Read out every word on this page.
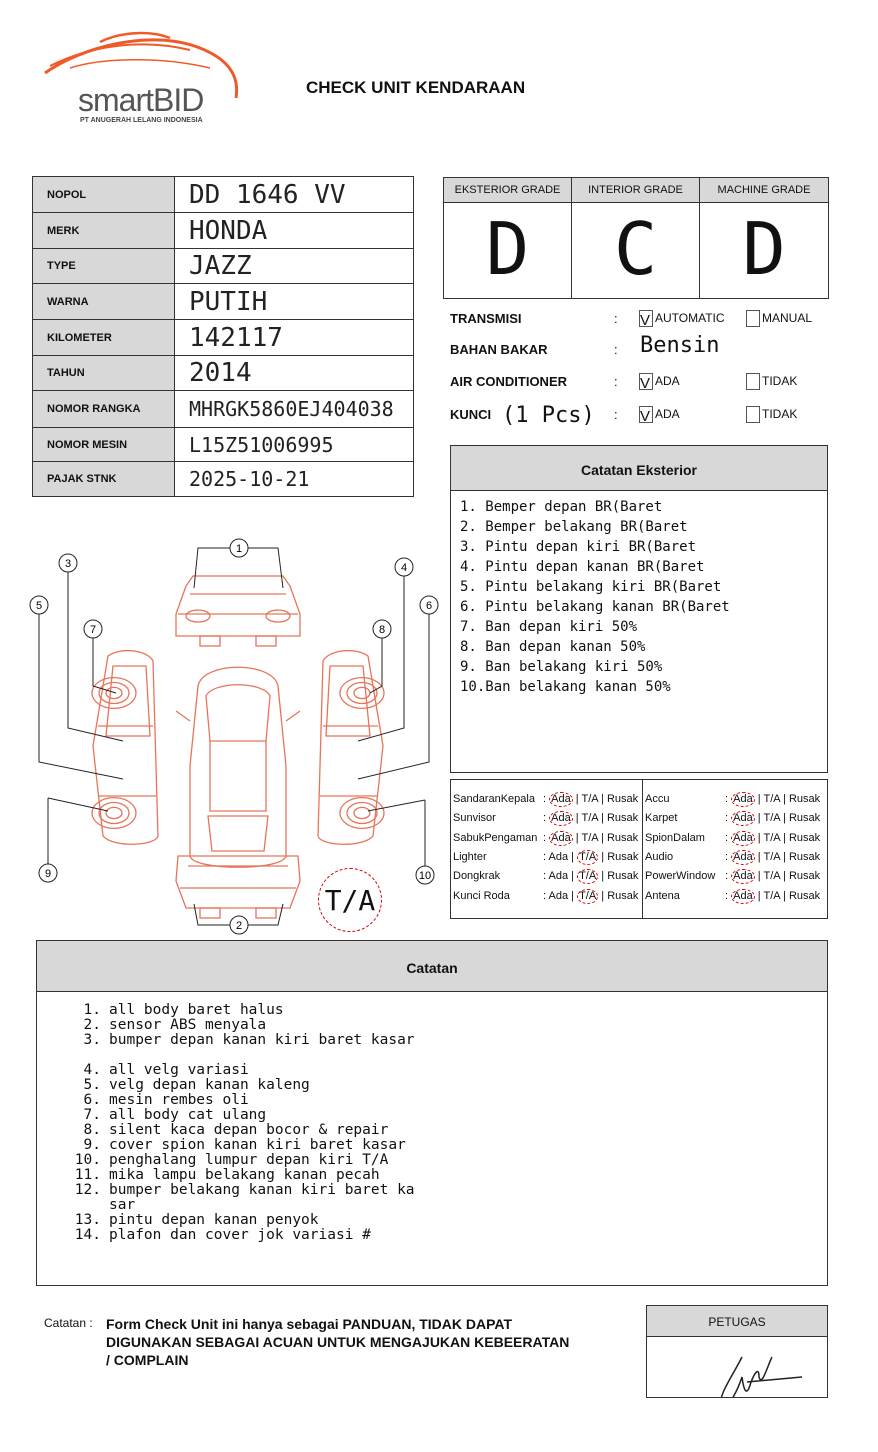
smartBID
PT ANUGERAH LELANG INDONESIA
CHECK UNIT KENDARAAN
NOPOL	DD 1646 VV
MERK	HONDA
TYPE	JAZZ
WARNA	PUTIH
KILOMETER	142117
TAHUN	2014
NOMOR RANGKA	MHRGK5860EJ404038
NOMOR MESIN	L15Z51006995
PAJAK STNK	2025-10-21
EKSTERIOR GRADE
D
INTERIOR GRADE
C
MACHINE GRADE
D
TRANSMISI	: V AUTOMATIC	MANUAL
BAHAN BAKAR	: Bensin
AIR CONDITIONER	: V ADA	TIDAK
KUNCI (1 Pcs) : V ADA	TIDAK
Catatan Eksterior
1. Bemper depan BR(Baret
2. Bemper belakang BR(Baret
3. Pintu depan kiri BR(Baret
4. Pintu depan kanan BR(Baret
5. Pintu belakang kiri BR(Baret
6. Pintu belakang kanan BR(Baret
7. Ban depan kiri 50%
8. Ban depan kanan 50%
9. Ban belakang kiri 50%
10.Ban belakang kanan 50%
SandaranKepala : Ada | T/A | Rusak
Sunvisor	: Ada | T/A | Rusak
SabukPengaman : Ada | T/A | Rusak
Lighter	: Ada | T/A | Rusak
Dongkrak	: Ada | T/A | Rusak
Kunci Roda	: Ada | T/A | Rusak
Accu	: Ada | T/A | Rusak
Karpet	: Ada | T/A | Rusak
SpionDalam : Ada | T/A | Rusak
Audio	: Ada | T/A | Rusak
PowerWindow : Ada | T/A | Rusak
Antena	: Ada | T/A | Rusak
1
2
3	4
5	6
7	8
9	10
T/A
Catatan
1. all body baret halus
2. sensor ABS menyala
3. bumper depan kanan kiri baret kasar
4. all velg variasi
5. velg depan kanan kaleng
6. mesin rembes oli
7. all body cat ulang
8. silent kaca depan bocor & repair
9. cover spion kanan kiri baret kasar
10. penghalang lumpur depan kiri T/A
11. mika lampu belakang kanan pecah
12. bumper belakang kanan kiri baret ka
sar
13. pintu depan kanan penyok
14. plafon dan cover jok variasi #
Catatan : Form Check Unit ini hanya sebagai PANDUAN, TIDAK DAPAT DIGUNAKAN SEBAGAI ACUAN UNTUK MENGAJUKAN KEBEERATAN / COMPLAIN
PETUGAS
